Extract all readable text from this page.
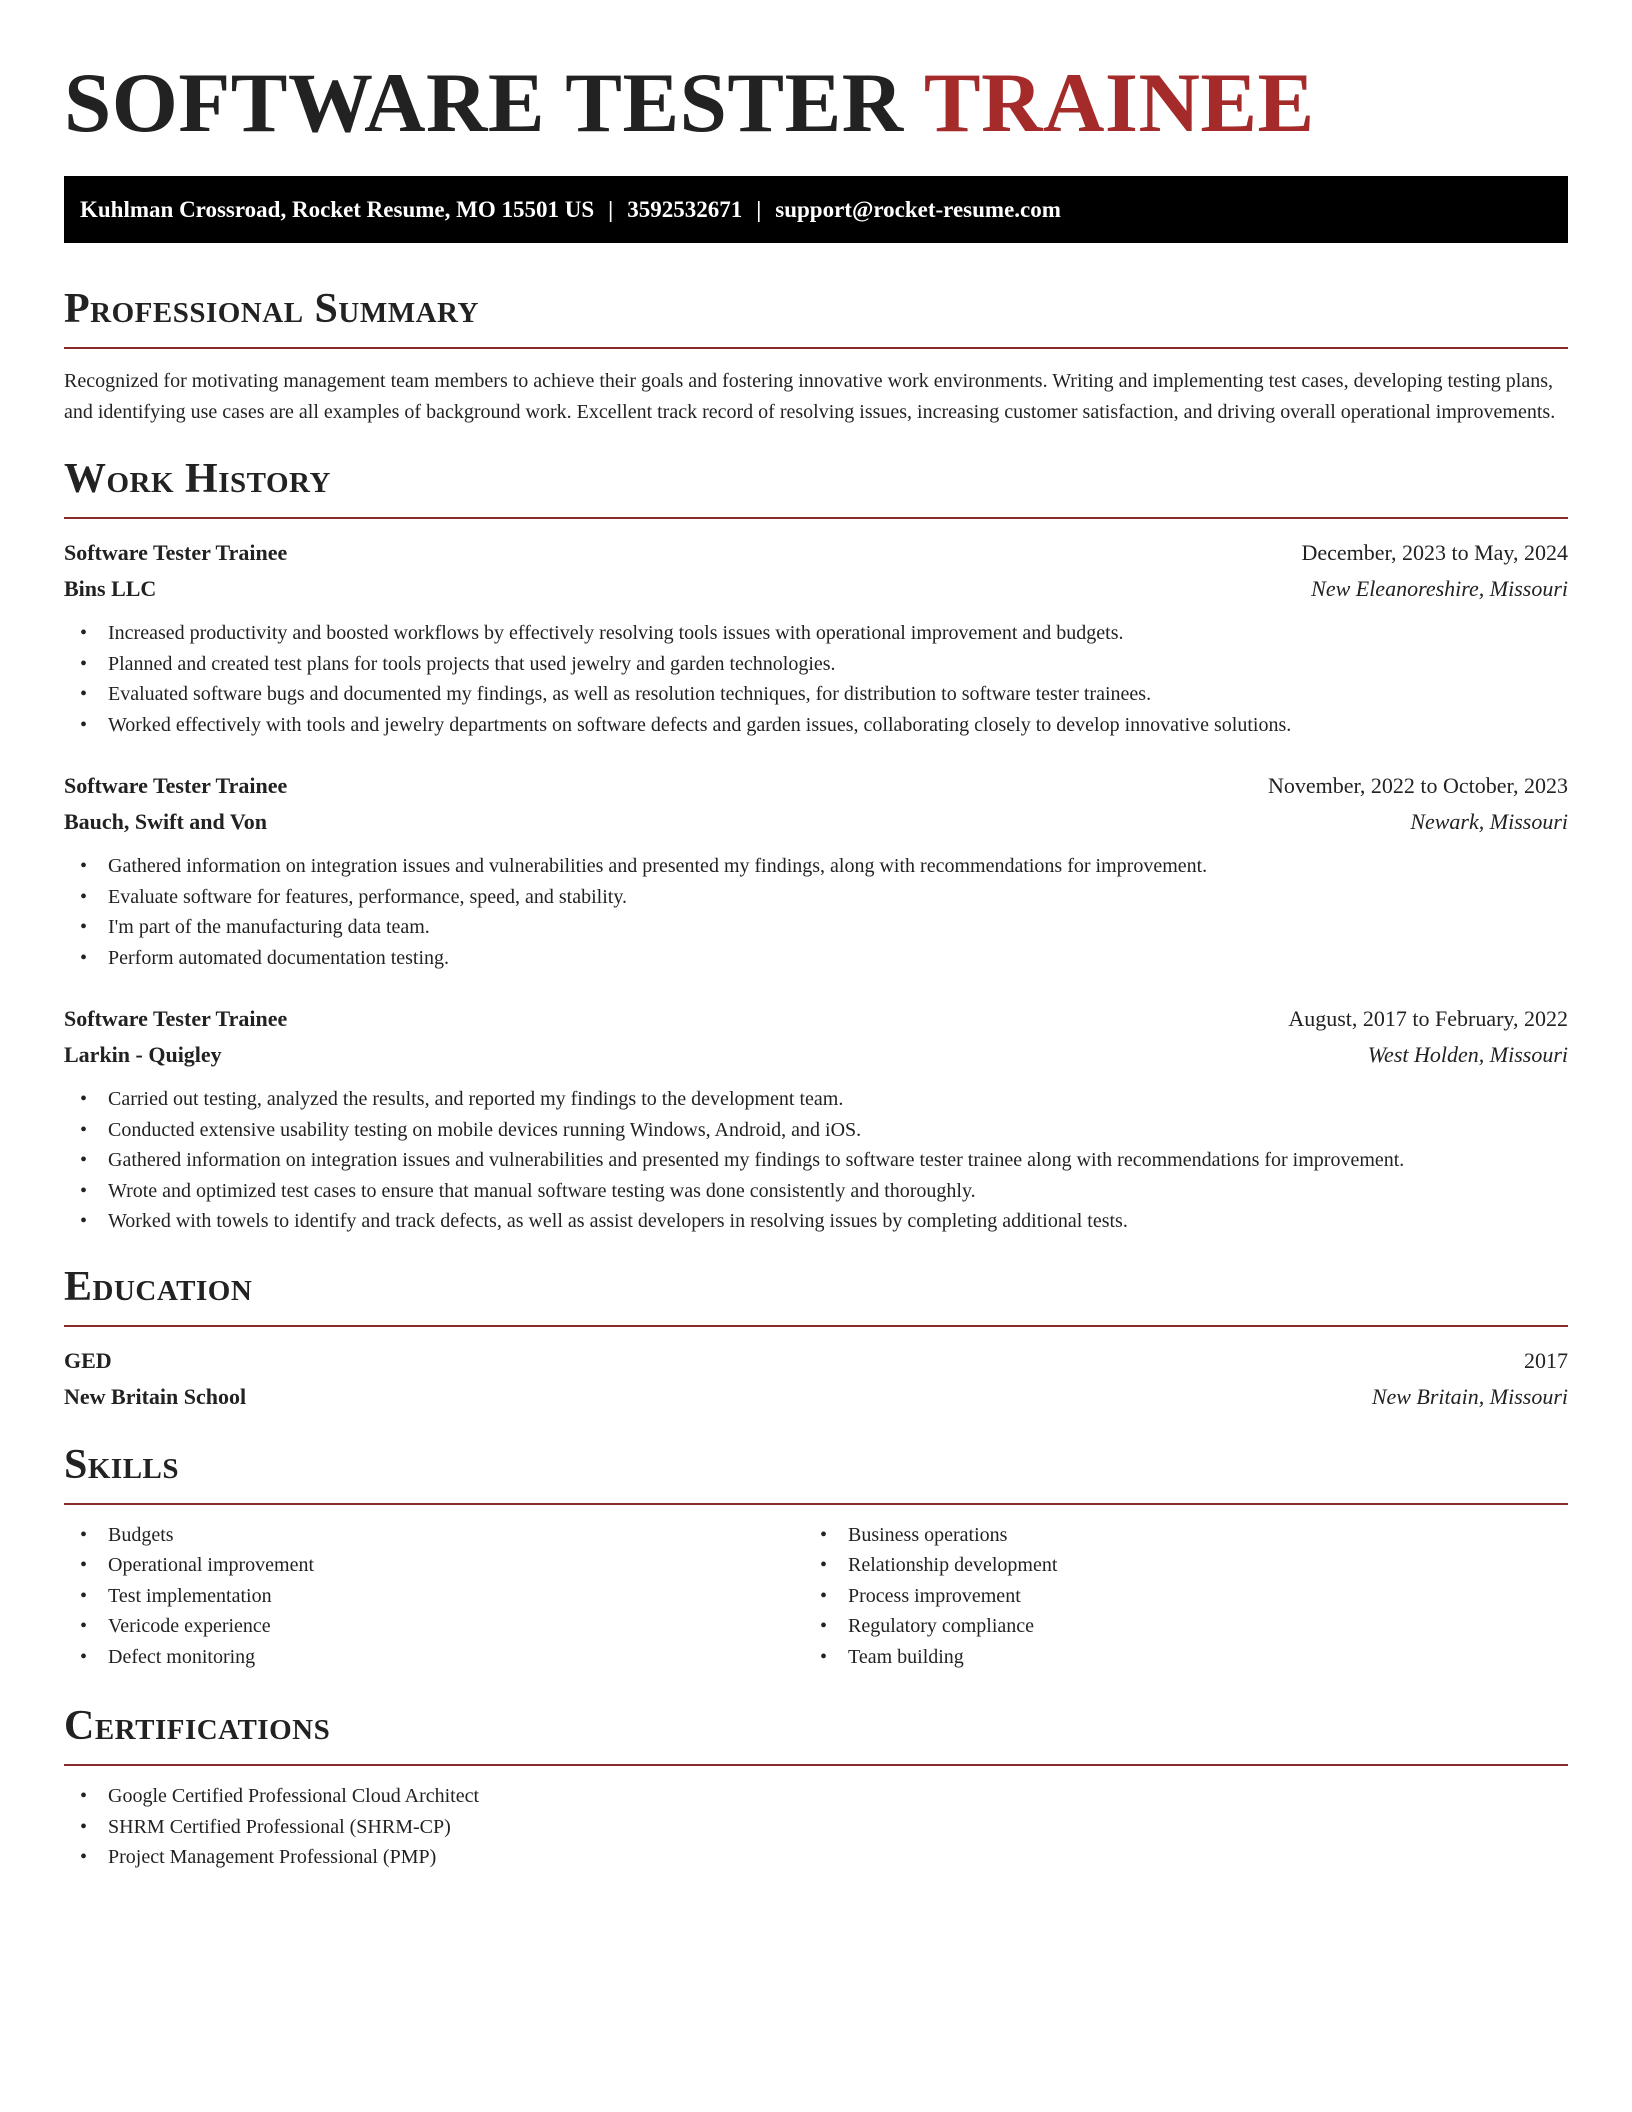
SOFTWARE TESTER TRAINEE
Kuhlman Crossroad, Rocket Resume, MO 15501 US | 3592532671 | support@rocket-resume.com
Professional Summary

Recognized for motivating management team members to achieve their goals and fostering innovative work environments. Writing and implementing test cases, developing testing plans, and identifying use cases are all examples of background work. Excellent track record of resolving issues, increasing customer satisfaction, and driving overall operational improvements.

Work History
Software Tester Trainee	December, 2023 to May, 2024
Bins LLC	New Eleanoreshire, Missouri
• Increased productivity and boosted workflows by effectively resolving tools issues with operational improvement and budgets.
• Planned and created test plans for tools projects that used jewelry and garden technologies.
• Evaluated software bugs and documented my findings, as well as resolution techniques, for distribution to software tester trainees.
• Worked effectively with tools and jewelry departments on software defects and garden issues, collaborating closely to develop innovative solutions.
Software Tester Trainee	November, 2022 to October, 2023
Bauch, Swift and Von	Newark, Missouri
• Gathered information on integration issues and vulnerabilities and presented my findings, along with recommendations for improvement.
• Evaluate software for features, performance, speed, and stability.
• I'm part of the manufacturing data team.
• Perform automated documentation testing.
Software Tester Trainee	August, 2017 to February, 2022
Larkin - Quigley	West Holden, Missouri
• Carried out testing, analyzed the results, and reported my findings to the development team.
• Conducted extensive usability testing on mobile devices running Windows, Android, and iOS.
• Gathered information on integration issues and vulnerabilities and presented my findings to software tester trainee along with recommendations for improvement.
• Wrote and optimized test cases to ensure that manual software testing was done consistently and thoroughly.
• Worked with towels to identify and track defects, as well as assist developers in resolving issues by completing additional tests.
Education
GED	2017
New Britain School	New Britain, Missouri
Skills
• Budgets
• Operational improvement
• Test implementation
• Vericode experience
• Defect monitoring
• Business operations
• Relationship development
• Process improvement
• Regulatory compliance
• Team building
Certifications
• Google Certified Professional Cloud Architect
• SHRM Certified Professional (SHRM-CP)
• Project Management Professional (PMP)
